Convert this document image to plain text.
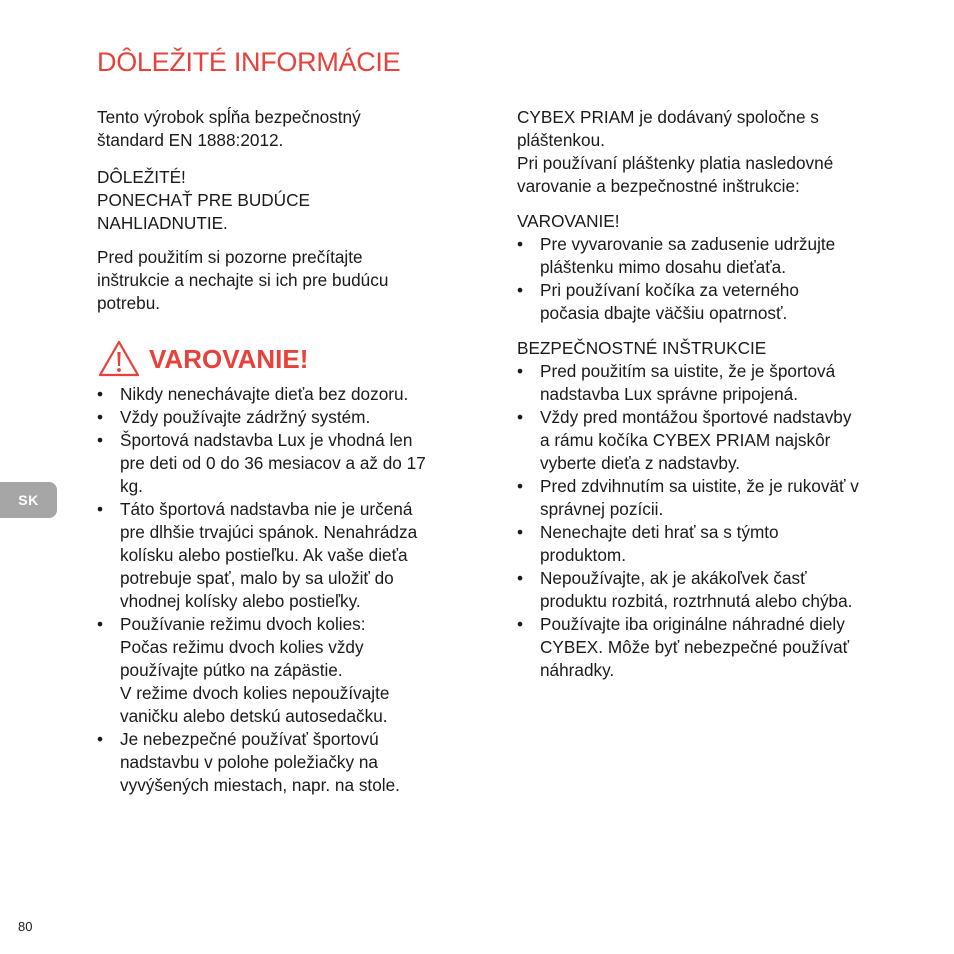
DÔLEŽITÉ INFORMÁCIE

Tento výrobok spĺňa bezpečnostný
štandard EN 1888:2012.

DÔLEŽITÉ!
PONECHAŤ PRE BUDÚCE
NAHLIADNUTIE.

Pred použitím si pozorne prečítajte
inštrukcie a nechajte si ich pre budúcu
potrebu.

VAROVANIE!
• Nikdy nenechávajte dieťa bez dozoru.
• Vždy používajte zádržný systém.
• Športová nadstavba Lux je vhodná len
pre deti od 0 do 36 mesiacov a až do 17
kg.
• Táto športová nadstavba nie je určená
pre dlhšie trvajúci spánok. Nenahrádza
kolísku alebo postieľku. Ak vaše dieťa
potrebuje spať, malo by sa uložiť do
vhodnej kolísky alebo postieľky.
• Používanie režimu dvoch kolies:
Počas režimu dvoch kolies vždy
používajte pútko na zápästie.
V režime dvoch kolies nepoužívajte
vaničku alebo detskú autosedačku.
• Je nebezpečné používať športovú
nadstavbu v polohe poležiačky na
vyvýšených miestach, napr. na stole.

CYBEX PRIAM je dodávaný spoločne s
pláštenkou.
Pri používaní pláštenky platia nasledovné
varovanie a bezpečnostné inštrukcie:

VAROVANIE!

• Pre vyvarovanie sa zadusenie udržujte
pláštenku mimo dosahu dieťaťa.
• Pri používaní kočíka za veterného
počasia dbajte väčšiu opatrnosť.

BEZPEČNOSTNÉ INŠTRUKCIE

• Pred použitím sa uistite, že je športová
nadstavba Lux správne pripojená.
• Vždy pred montážou športové nadstavby
a rámu kočíka CYBEX PRIAM najskôr
vyberte dieťa z nadstavby.
• Pred zdvihnutím sa uistite, že je rukoväť v
správnej pozícii.
• Nenechajte deti hrať sa s týmto
produktom.
• Nepoužívajte, ak je akákoľvek časť
produktu rozbitá, roztrhnutá alebo chýba.
• Používajte iba originálne náhradné diely
CYBEX. Môže byť nebezpečné používať
náhradky.
SK
80
